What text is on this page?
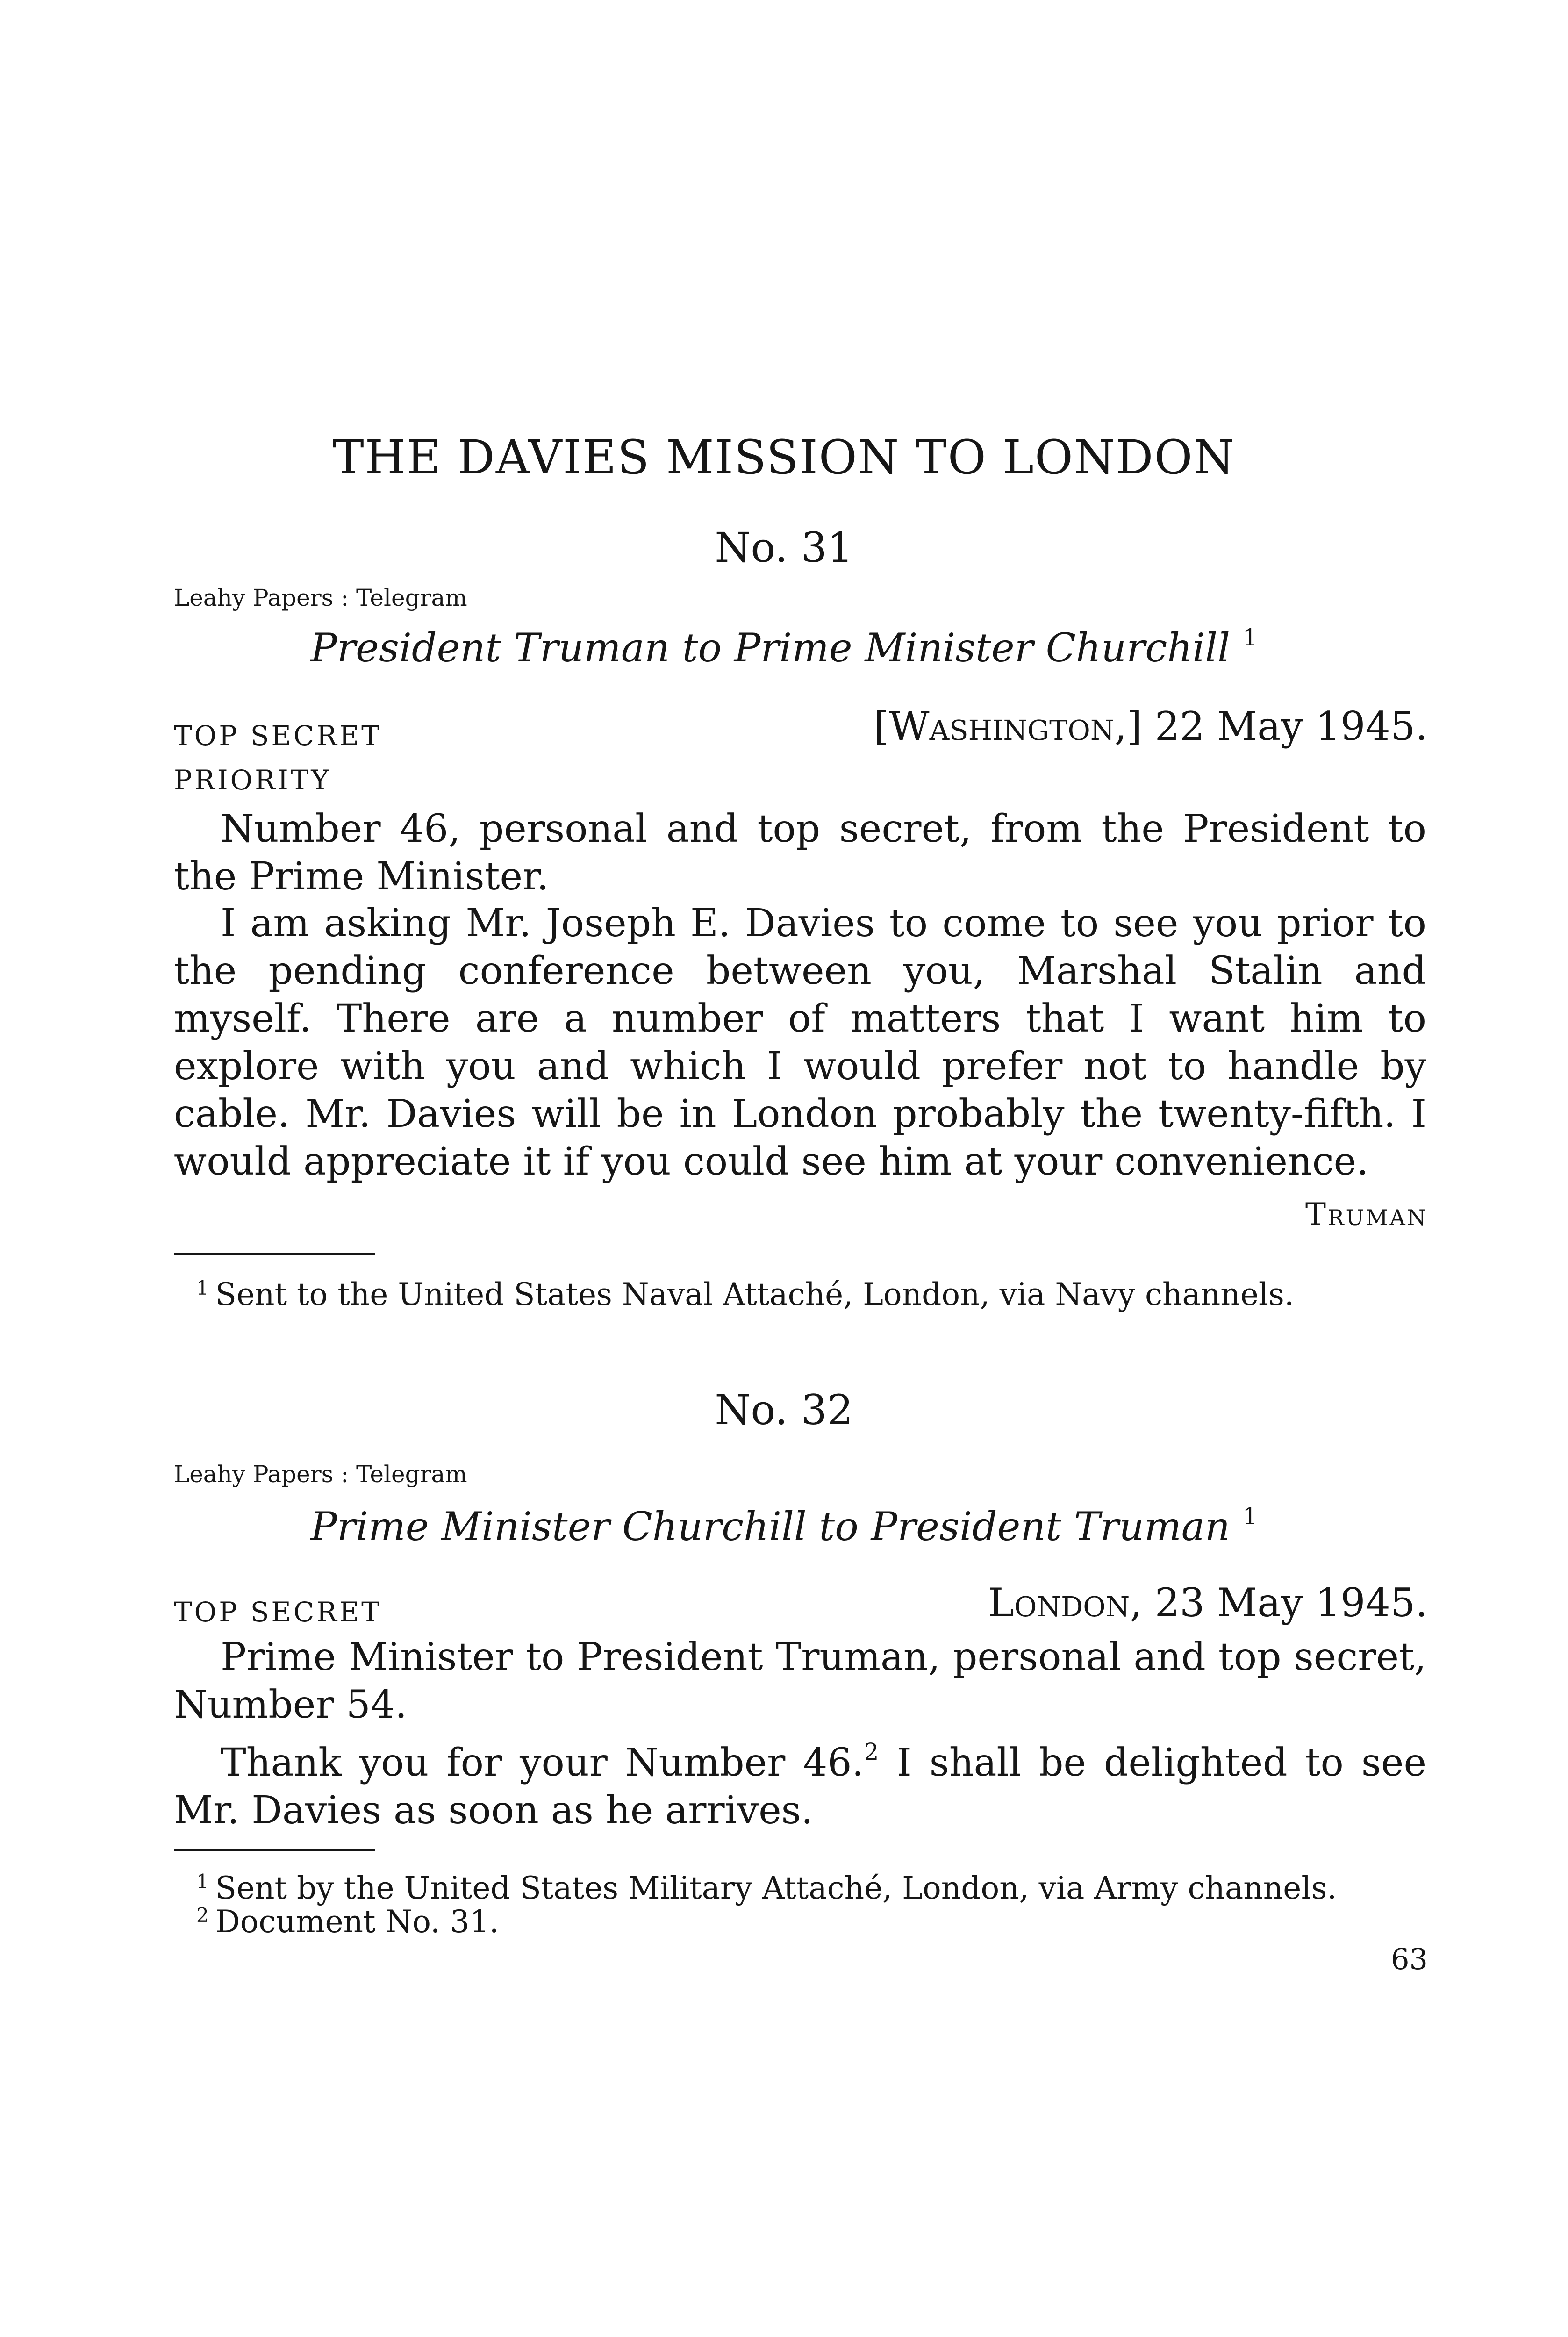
THE DAVIES MISSION TO LONDON
No. 31
Leahy Papers : Telegram
President Truman to Prime Minister Churchill $^1$
TOP SECRET	[Washington,] 22 May 1945.
PRIORITY
Number 46, personal and top secret, from the President to the Prime Minister.
I am asking Mr. Joseph E. Davies to come to see you prior to the pending conference between you, Marshal Stalin and myself. There are a number of matters that I want him to explore with you and which I would prefer not to handle by cable. Mr. Davies will be in London probably the twenty-fifth. I would appreciate it if you could see him at your convenience.
Truman
$^1$ Sent to the United States Naval Attaché, London, via Navy channels.
No. 32
Leahy Papers : Telegram
Prime Minister Churchill to President Truman $^1$
TOP SECRET	London, 23 May 1945.
Prime Minister to President Truman, personal and top secret, Number 54.
Thank you for your Number 46.$^2$ I shall be delighted to see Mr. Davies as soon as he arrives.
$^1$ Sent by the United States Military Attaché, London, via Army channels.
$^2$ Document No. 31.
63
